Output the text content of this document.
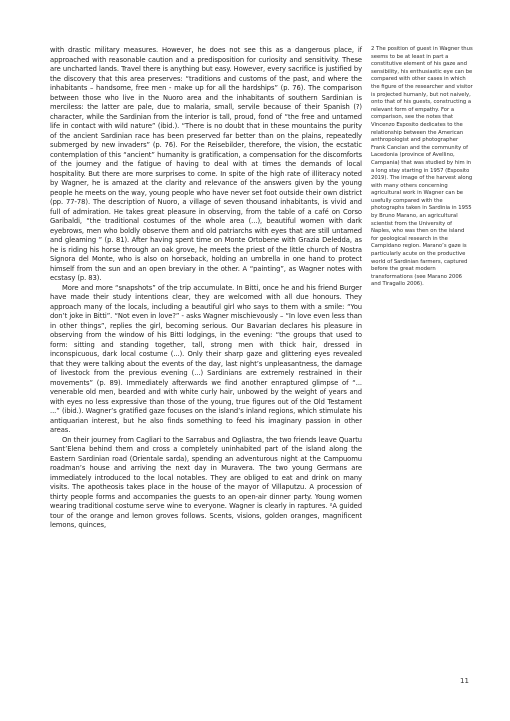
with drastic military measures. However, he does not see this as a dangerous place, if approached with reasonable caution and a predisposition for curiosity and sensitivity. These are uncharted lands. Travel there is anything but easy. However, every sacrifice is justified by the discovery that this area preserves: “traditions and customs of the past, and where the inhabitants – handsome, free men - make up for all the hardships” (p. 76). The comparison between those who live in the Nuoro area and the inhabitants of southern Sardinian is merciless: the latter are pale, due to malaria, small, servile because of their Spanish (?) character, while the Sardinian from the interior is tall, proud, fond of “the free and untamed life in contact with wild nature” (ibid.). “There is no doubt that in these mountains the purity of the ancient Sardinian race has been preserved far better than on the plains, repeatedly submerged by new invaders” (p. 76). For the Reisebilder, therefore, the vision, the ecstatic contemplation of this “ancient” humanity is gratification, a compensation for the discomforts of the journey and the fatigue of having to deal with at times the demands of local hospitality. But there are more surprises to come. In spite of the high rate of illiteracy noted by Wagner, he is amazed at the clarity and relevance of the answers given by the young people he meets on the way, young people who have never set foot outside their own district (pp. 77-78). The description of Nuoro, a village of seven thousand inhabitants, is vivid and full of admiration. He takes great pleasure in observing, from the table of a café on Corso Garibaldi, “the traditional costumes of the whole area (...), beautiful women with dark eyebrows, men who boldly observe them and old patriarchs with eyes that are still untamed and gleaming ” (p. 81). After having spent time on Monte Ortobene with Grazia Deledda, as he is riding his horse through an oak grove, he meets the priest of the little church of Nostra Signora del Monte, who is also on horseback, holding an umbrella in one hand to protect himself from the sun and an open breviary in the other. A “painting”, as Wagner notes with ecstasy (p. 83).

More and more “snapshots” of the trip accumulate. In Bitti, once he and his friend Burger have made their study intentions clear, they are welcomed with all due honours. They approach many of the locals, including a beautiful girl who says to them with a smile: “You don’t joke in Bitti”. “Not even in love?” - asks Wagner mischievously – “In love even less than in other things”, replies the girl, becoming serious. Our Bavarian declares his pleasure in observing from the window of his Bitti lodgings, in the evening: “the groups that used to form: sitting and standing together, tall, strong men with thick hair, dressed in inconspicuous, dark local costume (...). Only their sharp gaze and glittering eyes revealed that they were talking about the events of the day, last night’s unpleasantness, the damage of livestock from the previous evening (...) Sardinians are extremely restrained in their movements” (p. 89). Immediately afterwards we find another enraptured glimpse of “... venerable old men, bearded and with white curly hair, unbowed by the weight of years and with eyes no less expressive than those of the young, true figures out of the Old Testament ...” (ibid.). Wagner’s gratified gaze focuses on the island’s inland regions, which stimulate his antiquarian interest, but he also finds something to feed his imaginary passion in other areas.

On their journey from Cagliari to the Sarrabus and Ogliastra, the two friends leave Quartu Sant’Elena behind them and cross a completely uninhabited part of the island along the Eastern Sardinian road (Orientale sarda), spending an adventurous night at the Campuomu roadman’s house and arriving the next day in Muravera. The two young Germans are immediately introduced to the local notables. They are obliged to eat and drink on many visits. The apotheosis takes place in the house of the mayor of Villaputzu. A procession of thirty people forms and accompanies the guests to an open-air dinner party. Young women wearing traditional costume serve wine to everyone. Wagner is clearly in raptures. ²A guided tour of the orange and lemon groves follows. Scents, visions, golden oranges, magnificent lemons, quinces,

2 The position of guest in Wagner thus seems to be at least in part a constitutive element of his gaze and sensibility, his enthusiastic eye can be compared with other cases in which the figure of the researcher and visitor is projected humanly, but not naively, onto that of his guests, constructing a relevant form of empathy. For a comparison, see the notes that Vincenzo Esposito dedicates to the relationship between the American anthropologist and photographer Frank Cancian and the community of Lacedonia (province of Avellino, Campania) that was studied by him in a long stay starting in 1957 (Esposito 2019). The image of the harvest along with many others concerning agricultural work in Wagner can be usefully compared with the photographs taken in Sardinia in 1955 by Bruno Marano, an agricultural scientist from the University of Naples, who was then on the island for geological research in the Campidano region. Marano’s gaze is particularly acute on the productive world of Sardinian farmers, captured before the great modern transformations (see Marano 2006 and Tiragallo 2006).

11
